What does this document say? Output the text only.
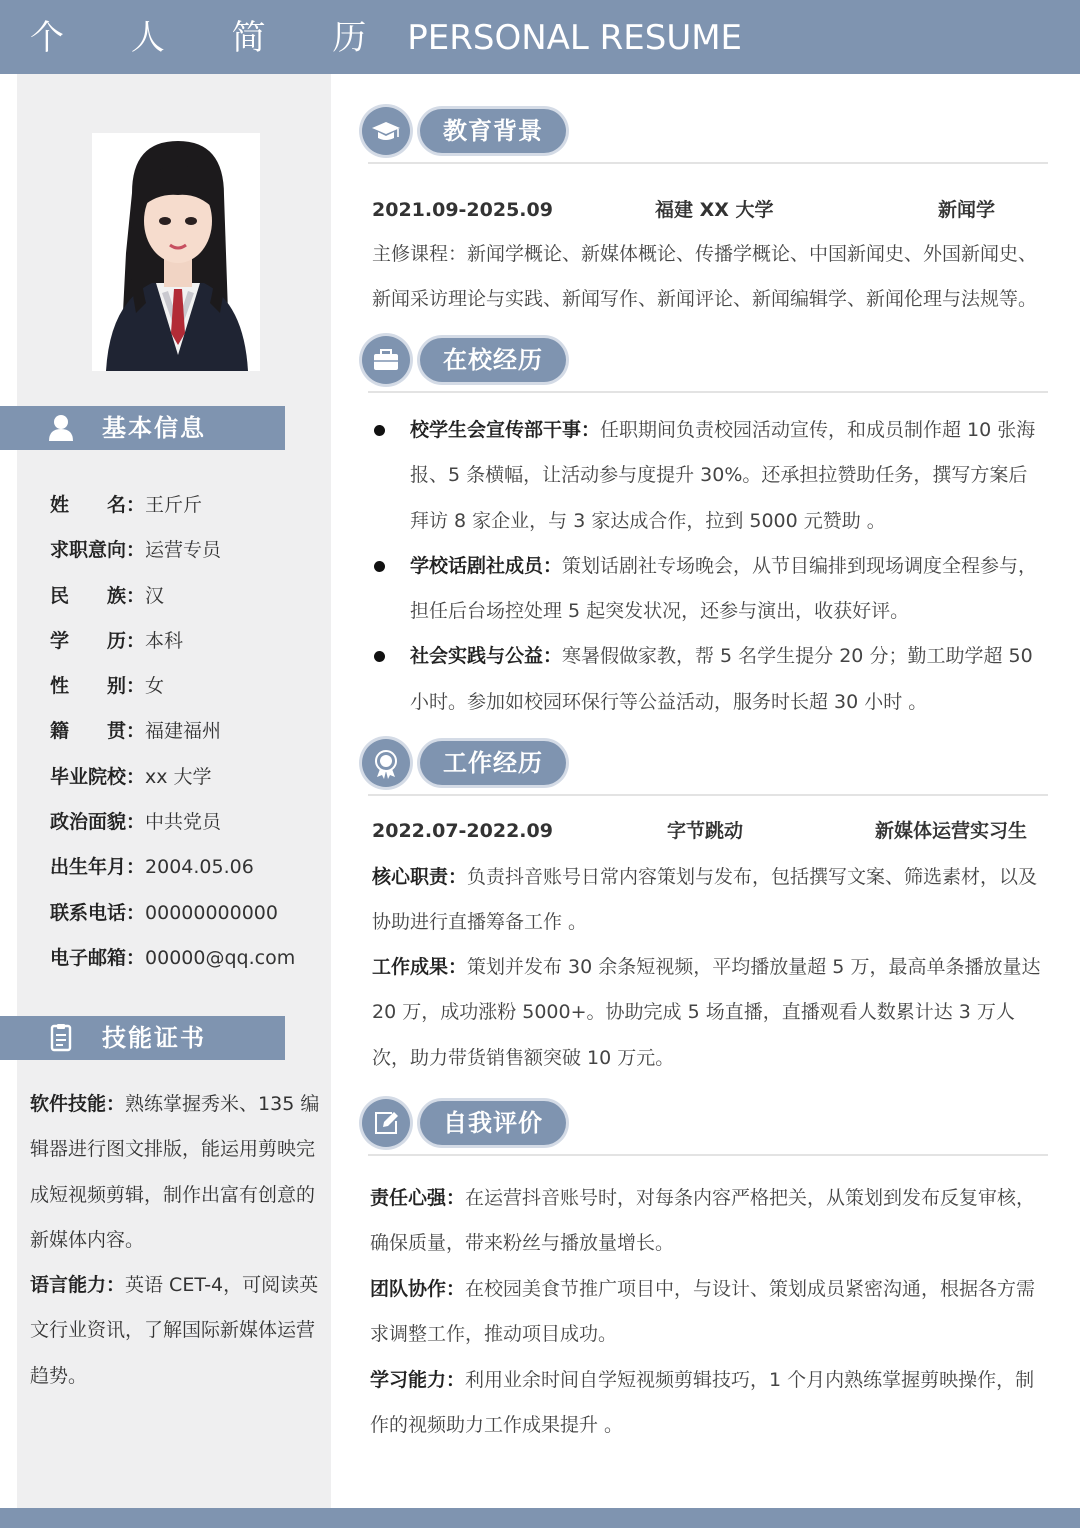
个 人 简 历 PERSONAL RESUME
基本信息
姓　　名：王斤斤
求职意向：运营专员
民　　族：汉
学　　历：本科
性　　别：女
籍　　贯：福建福州
毕业院校：xx 大学
政治面貌：中共党员
出生年月：2004.05.06
联系电话：00000000000
电子邮箱：00000@qq.com
技能证书

软件技能：熟练掌握秀米、135 编辑器进行图文排版，能运用剪映完成短视频剪辑，制作出富有创意的新媒体内容。

语言能力：英语 CET-4，可阅读英文行业资讯，了解国际新媒体运营趋势。

教育背景
2021.09-2025.09	福建 XX 大学	新闻学
主修课程：新闻学概论、新媒体概论、传播学概论、中国新闻史、外国新闻史、新闻采访理论与实践、新闻写作、新闻评论、新闻编辑学、新闻伦理与法规等。
在校经历
校学生会宣传部干事：任职期间负责校园活动宣传，和成员制作超 10 张海报、5 条横幅，让活动参与度提升 30%。还承担拉赞助任务，撰写方案后拜访 8 家企业，与 3 家达成合作，拉到 5000 元赞助 。
学校话剧社成员：策划话剧社专场晚会，从节目编排到现场调度全程参与，担任后台场控处理 5 起突发状况，还参与演出，收获好评。
社会实践与公益：寒暑假做家教，帮 5 名学生提分 20 分；勤工助学超 50 小时。参加如校园环保行等公益活动，服务时长超 30 小时 。
工作经历
2022.07-2022.09	字节跳动	新媒体运营实习生
核心职责：负责抖音账号日常内容策划与发布，包括撰写文案、筛选素材，以及协助进行直播筹备工作 。
工作成果：策划并发布 30 余条短视频，平均播放量超 5 万，最高单条播放量达 20 万，成功涨粉 5000+。协助完成 5 场直播，直播观看人数累计达 3 万人次，助力带货销售额突破 10 万元。
自我评价
责任心强：在运营抖音账号时，对每条内容严格把关，从策划到发布反复审核，确保质量，带来粉丝与播放量增长。
团队协作：在校园美食节推广项目中，与设计、策划成员紧密沟通，根据各方需求调整工作，推动项目成功。
学习能力：利用业余时间自学短视频剪辑技巧，1 个月内熟练掌握剪映操作，制作的视频助力工作成果提升 。
